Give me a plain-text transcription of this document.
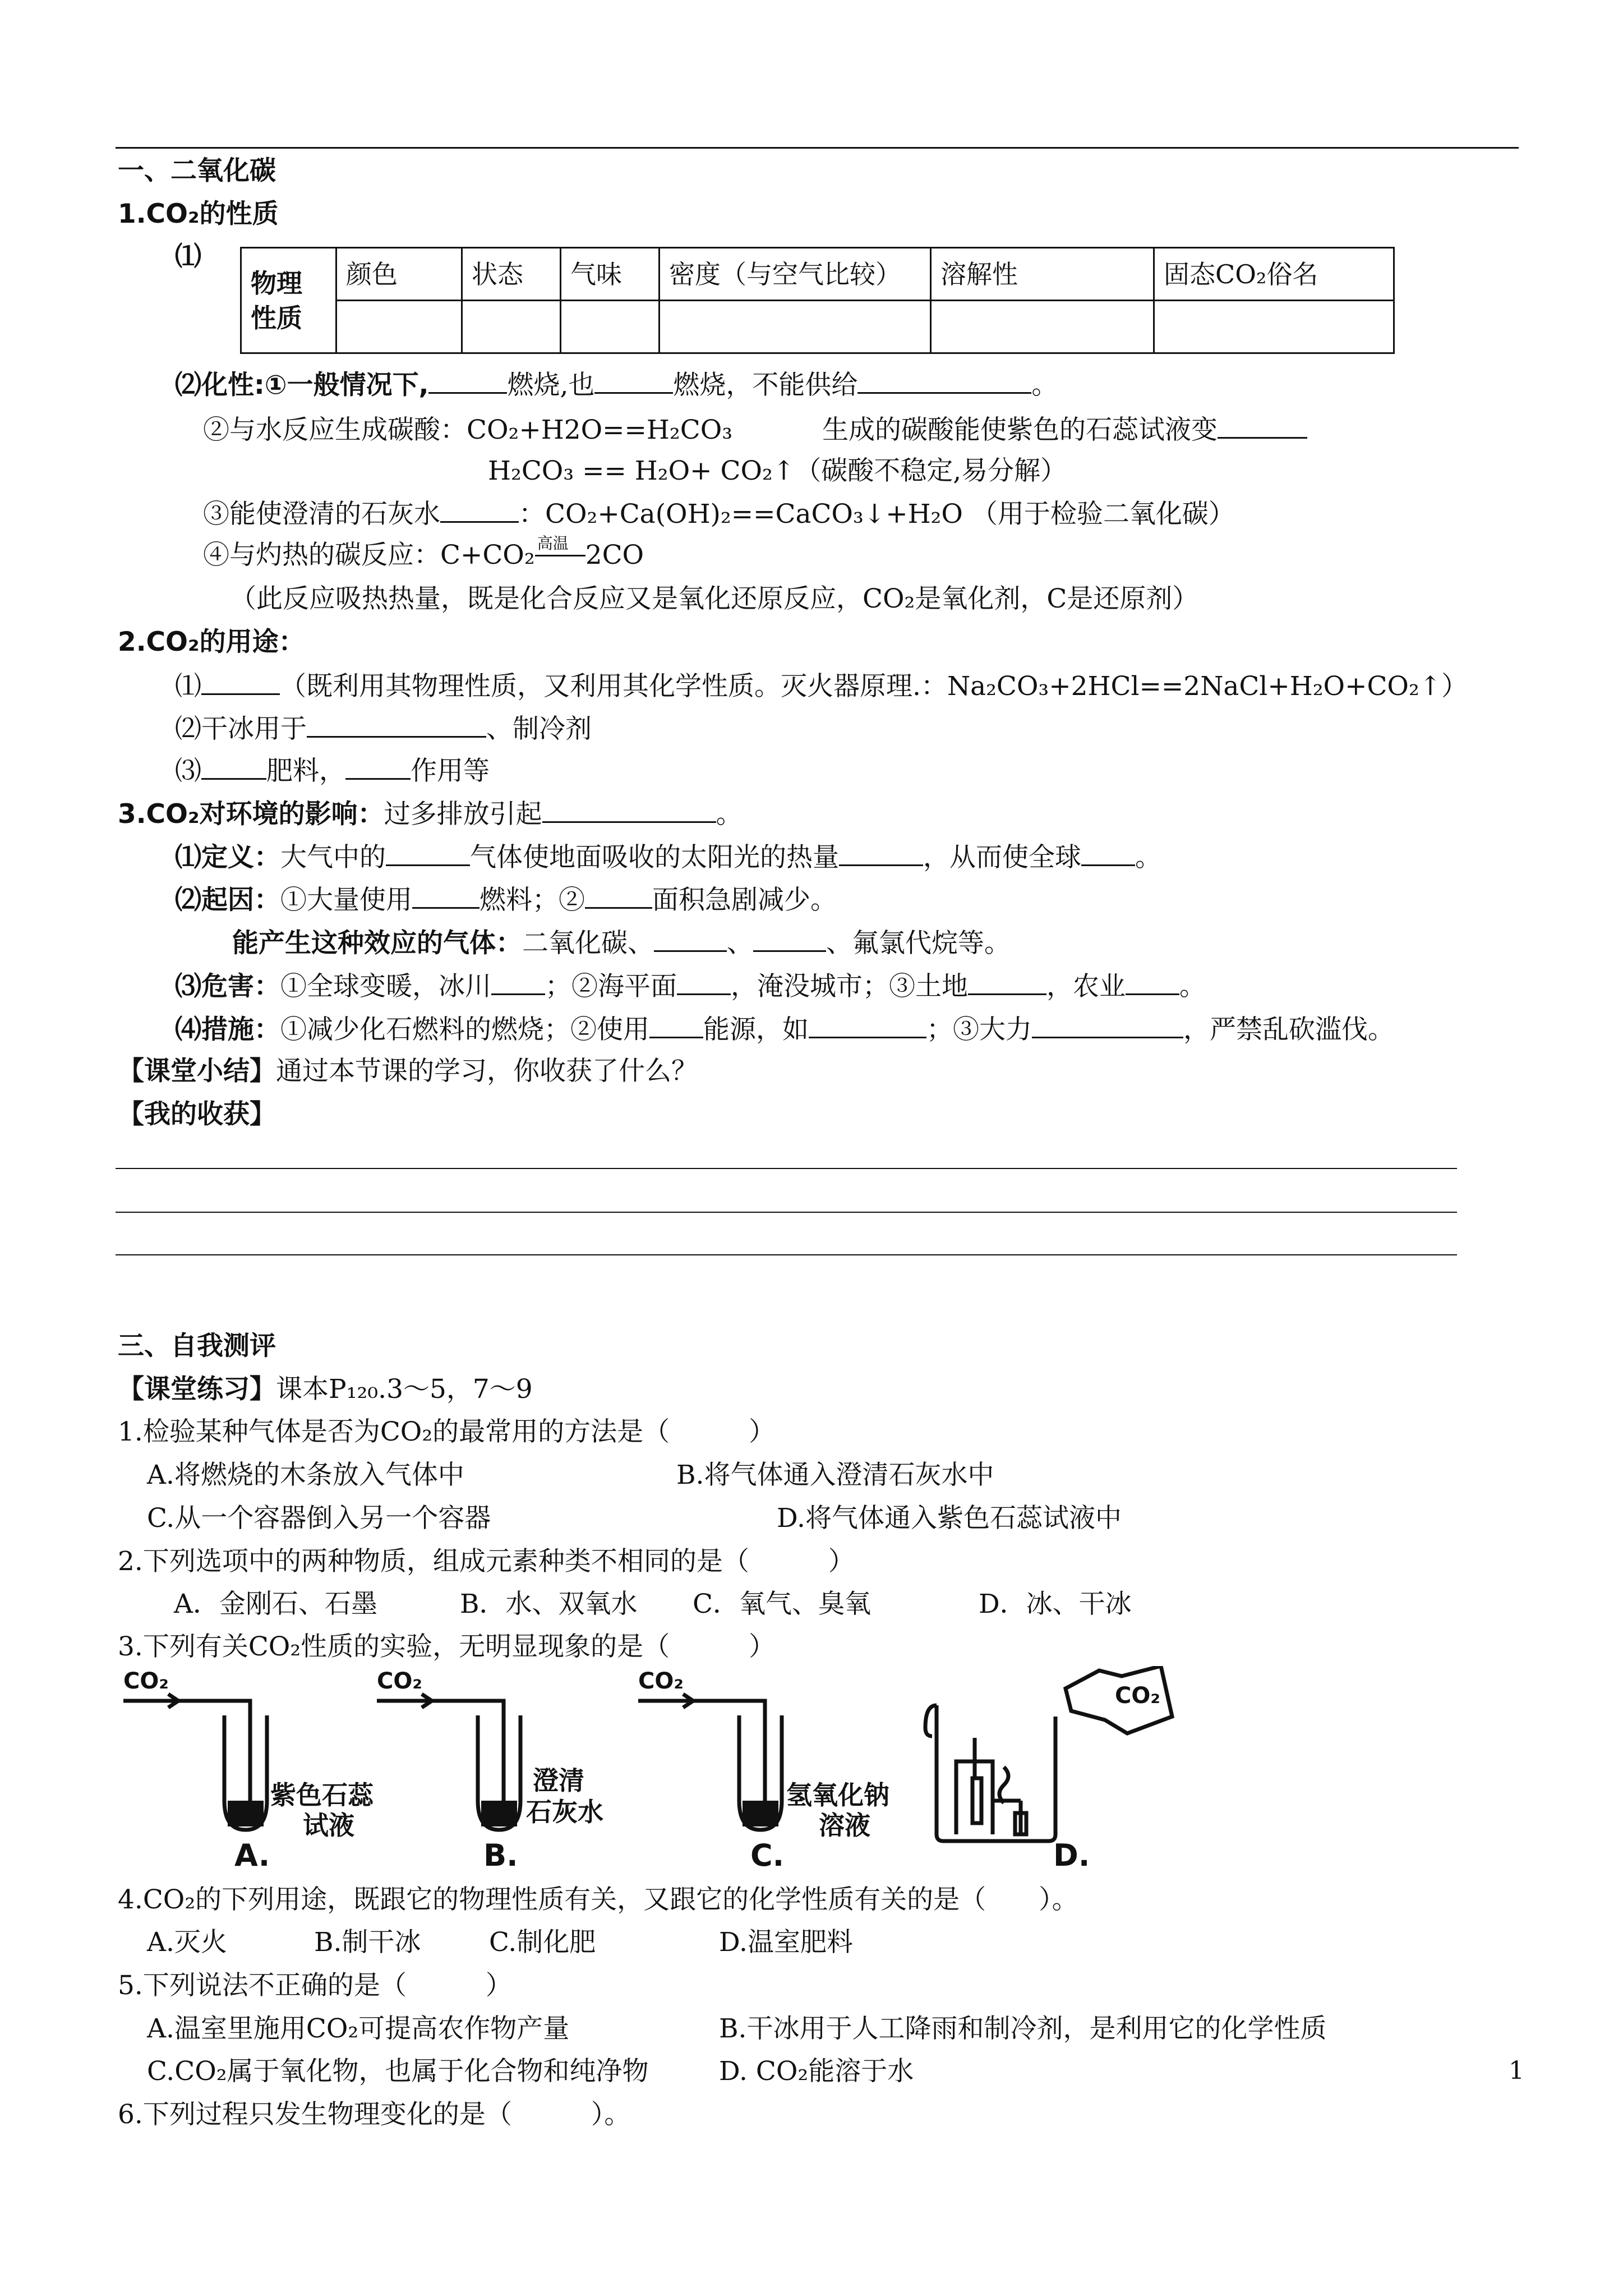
一、二氧化碳
1.CO₂的性质
⑴
物理性质	颜色	状态	气味	密度（与空气比较）	溶解性	固态CO₂俗名

⑵化性:①一般情况下,	燃烧,也	燃烧，不能供给	。
②与水反应生成碳酸：CO₂+H2O==H₂CO₃	生成的碳酸能使紫色的石蕊试液变
H₂CO₃ == H₂O+ CO₂↑（碳酸不稳定,易分解）
③能使澄清的石灰水	：CO₂+Ca(OH)₂==CaCO₃↓+H₂O （用于检验二氧化碳）
④与灼热的碳反应：C+CO₂ 高温 2CO
（此反应吸热热量，既是化合反应又是氧化还原反应，CO₂是氧化剂，C是还原剂）
2.CO₂的用途：
⑴	（既利用其物理性质，又利用其化学性质。灭火器原理.：Na₂CO₃+2HCl==2NaCl+H₂O+CO₂↑）
⑵干冰用于	、制冷剂
⑶ 肥料， 作用等
3.CO₂对环境的影响：过多排放引起	。
⑴定义：大气中的	气体使地面吸收的太阳光的热量	，从而使全球 。
⑵起因：①大量使用	燃料；②	面积急剧减少。
能产生这种效应的气体：二氧化碳、	、	、氟氯代烷等。
⑶危害：①全球变暖，冰川 ；②海平面 ，淹没城市；③土地	，农业 。
⑷措施：①减少化石燃料的燃烧；②使用 能源，如	；③大力	，严禁乱砍滥伐。
【课堂小结】通过本节课的学习，你收获了什么？
【我的收获】
三、自我测评
【课堂练习】课本P₁₂₀.3～5，7～9
1.检验某种气体是否为CO₂的最常用的方法是（　　　）
A.将燃烧的木条放入气体中	B.将气体通入澄清石灰水中
C.从一个容器倒入另一个容器	D.将气体通入紫色石蕊试液中
2.下列选项中的两种物质，组成元素种类不相同的是（　　　）
A．金刚石、石墨	B．水、双氧水 C．氧气、臭氧	D．冰、干冰
3.下列有关CO₂性质的实验，无明显现象的是（　　　）
CO₂	CO₂	CO₂
CO₂
紫色石蕊
试液
A.
澄清
石灰水
B.
氢氧化钠
溶液
C.	D.
4.CO₂的下列用途，既跟它的物理性质有关，又跟它的化学性质有关的是（　　）。
A.灭火	B.制干冰	C.制化肥	D.温室肥料
5.下列说法不正确的是（　　　）
A.温室里施用CO₂可提高农作物产量	B.干冰用于人工降雨和制冷剂，是利用它的化学性质
C.CO₂属于氧化物，也属于化合物和纯净物	D. CO₂能溶于水
6.下列过程只发生物理变化的是（　　　）。
1
